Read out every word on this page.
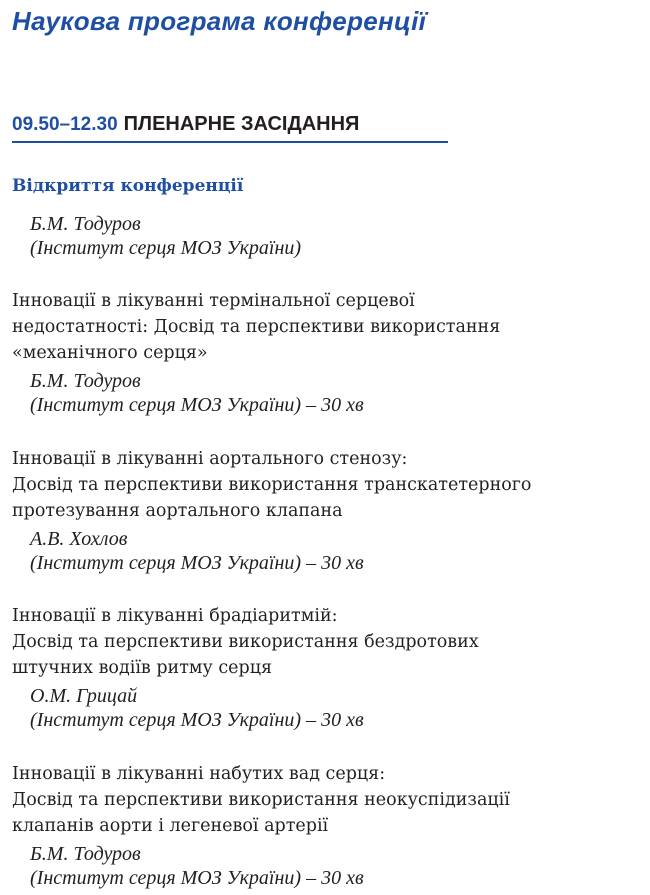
Наукова програма конференції
09.50–12.30 ПЛЕНАРНЕ ЗАСІДАННЯ
Відкриття конференції
Б.М. Тодуров
(Інститут серця МОЗ України)
Інновації в лікуванні термінальної серцевої
недостатності: Досвід та перспективи використання
«механічного серця»
Б.М. Тодуров
(Інститут серця МОЗ України) – 30 хв
Інновації в лікуванні аортального стенозу:
Досвід та перспективи використання транскатетерного
протезування аортального клапана
А.В. Хохлов
(Інститут серця МОЗ України) – 30 хв
Інновації в лікуванні брадіаритмій:
Досвід та перспективи використання бездротових
штучних водіїв ритму серця
О.М. Грицай
(Інститут серця МОЗ України) – 30 хв
Інновації в лікуванні набутих вад серця:
Досвід та перспективи використання неокуспідизації
клапанів аорти і легеневої артерії
Б.М. Тодуров
(Інститут серця МОЗ України) – 30 хв
